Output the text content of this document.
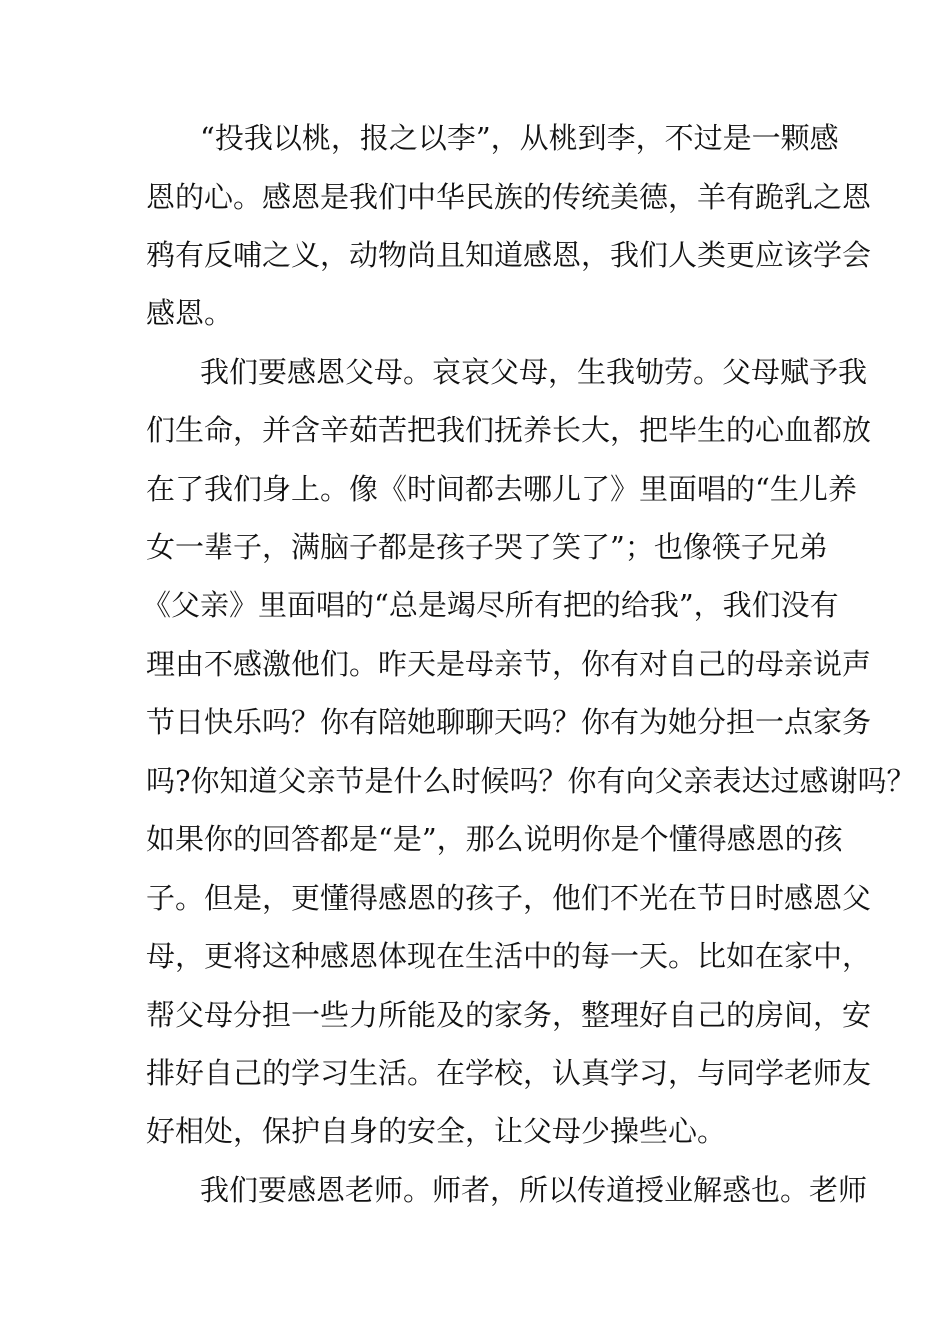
“投我以桃，报之以李”，从桃到李，不过是一颗感
恩的心。感恩是我们中华民族的传统美德，羊有跪乳之恩
鸦有反哺之义，动物尚且知道感恩，我们人类更应该学会
感恩。
我们要感恩父母。哀哀父母，生我劬劳。父母赋予我
们生命，并含辛茹苦把我们抚养长大，把毕生的心血都放
在了我们身上。像《时间都去哪儿了》里面唱的“生儿养
女一辈子，满脑子都是孩子哭了笑了”；也像筷子兄弟
《父亲》里面唱的“总是竭尽所有把的给我”，我们没有
理由不感激他们。昨天是母亲节，你有对自己的母亲说声
节日快乐吗？你有陪她聊聊天吗？你有为她分担一点家务
吗?你知道父亲节是什么时候吗？你有向父亲表达过感谢吗？
如果你的回答都是“是”，那么说明你是个懂得感恩的孩
子。但是，更懂得感恩的孩子，他们不光在节日时感恩父
母，更将这种感恩体现在生活中的每一天。比如在家中，
帮父母分担一些力所能及的家务，整理好自己的房间，安
排好自己的学习生活。在学校，认真学习，与同学老师友
好相处，保护自身的安全，让父母少操些心。
我们要感恩老师。师者，所以传道授业解惑也。老师
